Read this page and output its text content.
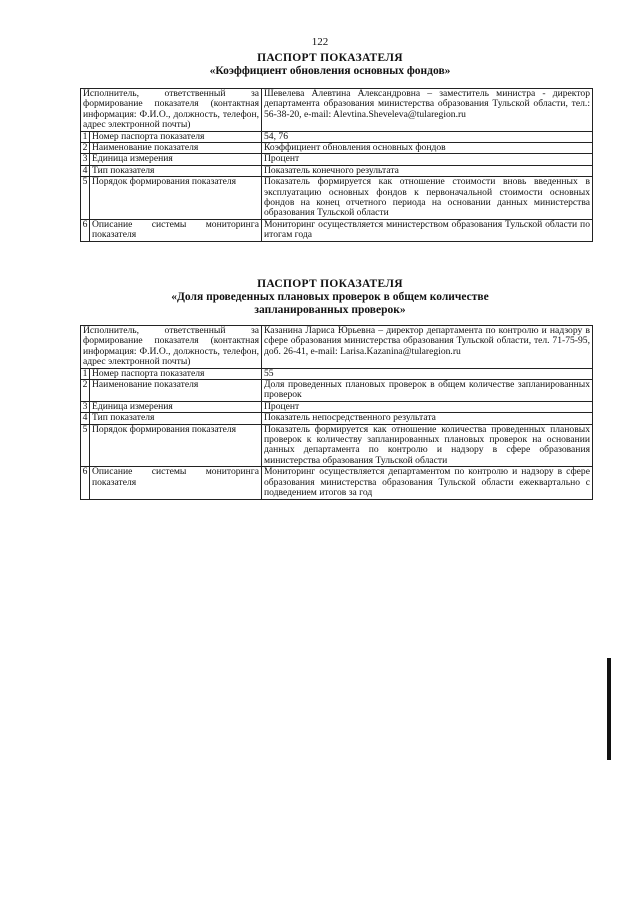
122
ПАСПОРТ ПОКАЗАТЕЛЯ
«Коэффициент обновления основных фондов»
Исполнитель, ответственный за формирование показателя (контактная информация: Ф.И.О., должность, телефон, адрес электронной почты)		Шевелева Алевтина Александровна – заместитель министра - директор департамента образования министерства образования Тульской области, тел.: 56-38-20, e-mail: Alevtina.Sheveleva@tularegion.ru
1	Номер паспорта показателя	54, 76
2	Наименование показателя	Коэффициент обновления основных фондов
3	Единица измерения	Процент
4	Тип показателя	Показатель конечного результата
5	Порядок формирования показателя	Показатель формируется как отношение стоимости вновь введенных в эксплуатацию основных фондов к первоначальной стоимости основных фондов на конец отчетного периода на основании данных министерства образования Тульской области
6	Описание системы мониторинга показателя	Мониторинг осуществляется министерством образования Тульской области по итогам года
ПАСПОРТ ПОКАЗАТЕЛЯ
«Доля проведенных плановых проверок в общем количестве запланированных проверок»
Исполнитель, ответственный за формирование показателя (контактная информация: Ф.И.О., должность, телефон, адрес электронной почты)		Казанина Лариса Юрьевна – директор департамента по контролю и надзору в сфере образования министерства образования Тульской области, тел. 71-75-95, доб. 26-41, e-mail: Larisa.Kazanina@tularegion.ru
1	Номер паспорта показателя	55
2	Наименование показателя	Доля проведенных плановых проверок в общем количестве запланированных проверок
3	Единица измерения	Процент
4	Тип показателя	Показатель непосредственного результата
5	Порядок формирования показателя	Показатель формируется как отношение количества проведенных плановых проверок к количеству запланированных плановых проверок на основании данных департамента по контролю и надзору в сфере образования министерства образования Тульской области
6	Описание системы мониторинга показателя	Мониторинг осуществляется департаментом по контролю и надзору в сфере образования министерства образования Тульской области ежеквартально с подведением итогов за год
